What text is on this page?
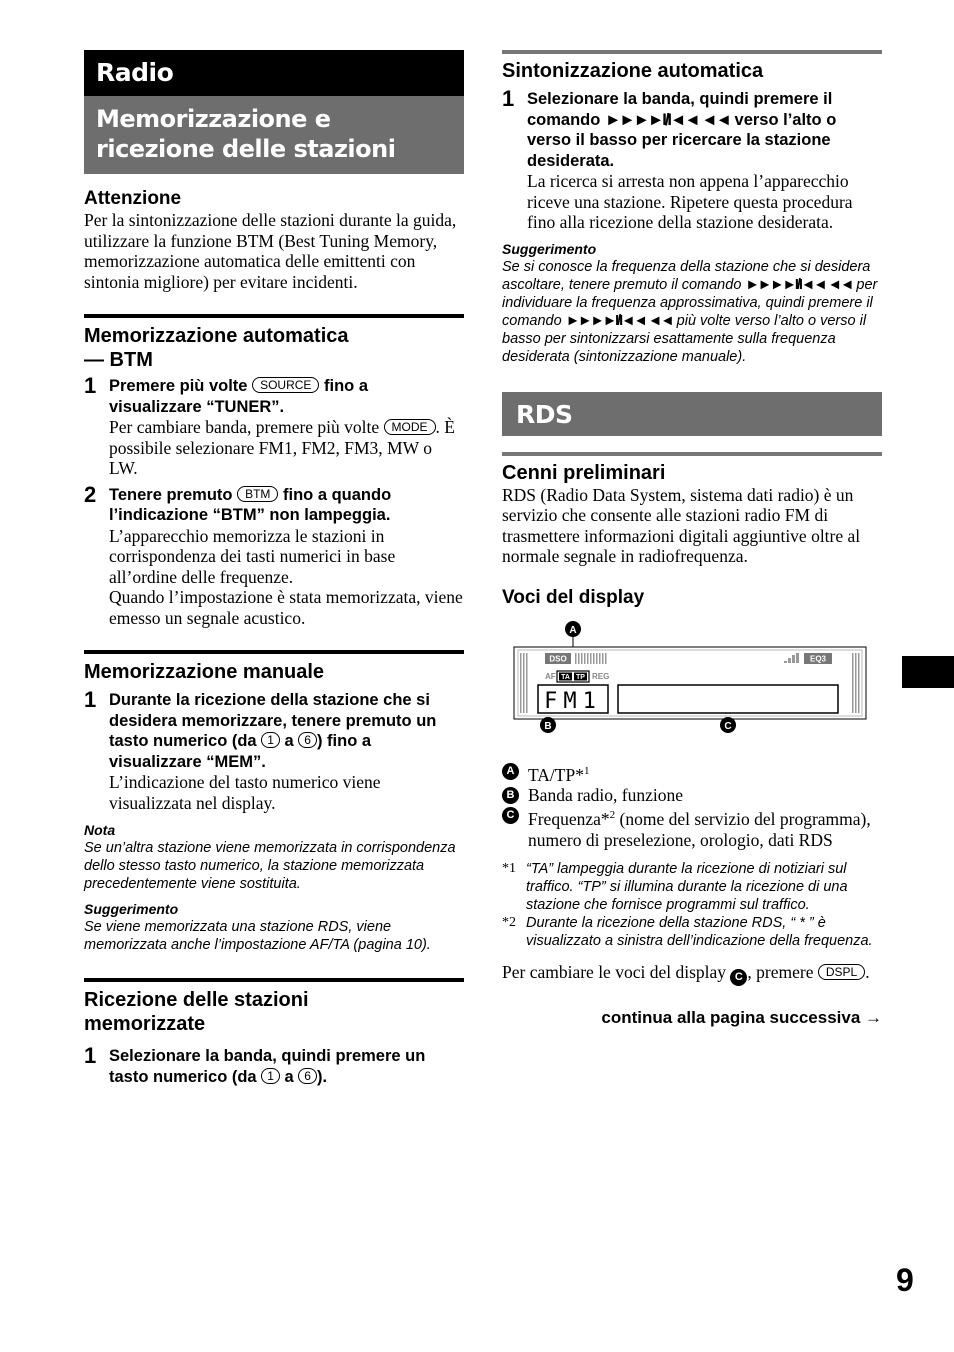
Radio
Memorizzazione e ricezione delle stazioni
Attenzione

Per la sintonizzazione delle stazioni durante la guida, utilizzare la funzione BTM (Best Tuning Memory, memorizzazione automatica delle emittenti con sintonia migliore) per evitare incidenti.

Memorizzazione automatica
— BTM
1 Premere più volte SOURCE fino a visualizzare “TUNER”.
Per cambiare banda, premere più volte MODE . È possibile selezionare FM1, FM2, FM3, MW o LW.
2 Tenere premuto BTM fino a quando l’indicazione “BTM” non lampeggia.
L’apparecchio memorizza le stazioni in corrispondenza dei tasti numerici in base all’ordine delle frequenze.
Quando l’impostazione è stata memorizzata, viene emesso un segnale acustico.
Memorizzazione manuale
1 Durante la ricezione della stazione che si desidera memorizzare, tenere premuto un tasto numerico (da 1 a 6 ) fino a visualizzare “MEM”.
L’indicazione del tasto numerico viene visualizzata nel display.
Nota
Se un’altra stazione viene memorizzata in corrispondenza dello stesso tasto numerico, la stazione memorizzata precedentemente viene sostituita.
Suggerimento
Se viene memorizzata una stazione RDS, viene memorizzata anche l’impostazione AF/TA (pagina 10).
Ricezione delle stazioni
memorizzate
1 Selezionare la banda, quindi premere un tasto numerico (da 1 a 6 ).
Sintonizzazione automatica
1 Selezionare la banda, quindi premere il comando ►►►►I/I◄◄ ◄◄ verso l’alto o verso il basso per ricercare la stazione desiderata.
La ricerca si arresta non appena l’apparecchio riceve una stazione. Ripetere questa procedura fino alla ricezione della stazione desiderata.
Suggerimento
Se si conosce la frequenza della stazione che si desidera ascoltare, tenere premuto il comando ►►►►I/I◄◄ ◄◄ per individuare la frequenza approssimativa, quindi premere il comando ►►►►I/I◄◄ ◄◄ più volte verso l’alto o verso il basso per sintonizzarsi esattamente sulla frequenza desiderata (sintonizzazione manuale).
RDS
Cenni preliminari

RDS (Radio Data System, sistema dati radio) è un servizio che consente alle stazioni radio FM di trasmettere informazioni digitali aggiuntive oltre al normale segnale in radiofrequenza.

Voci del display
DSO	EQ3
AF TA TP REG
FM1
A
B	C
A TA/TP*$^1$
B Banda radio, funzione
C Frequenza*$^2$ (nome del servizio del programma), numero di preselezione, orologio, dati RDS
*1 “TA” lampeggia durante la ricezione di notiziari sul traffico. “TP” si illumina durante la ricezione di una stazione che fornisce programmi sul traffico.
*2 Durante la ricezione della stazione RDS, “ * ” è visualizzato a sinistra dell’indicazione della frequenza.

Per cambiare le voci del display C , premere DSPL .

continua alla pagina successiva →
9
